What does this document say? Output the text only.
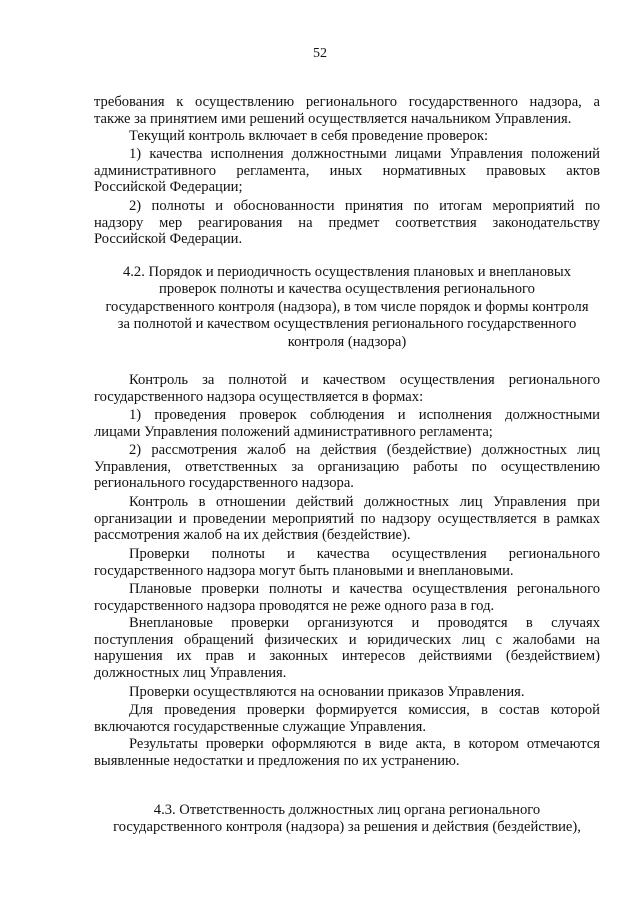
52

требования к осуществлению регионального государственного надзора, а

также за принятием ими решений осуществляется начальником Управления.

Текущий контроль включает в себя проведение проверок:

1) качества исполнения должностными лицами Управления положений

административного регламента, иных нормативных правовых актов

Российской Федерации;

2) полноты и обоснованности принятия по итогам мероприятий по

надзору мер реагирования на предмет соответствия законодательству

Российской Федерации.

4.2. Порядок и периодичность осуществления плановых и внеплановых

проверок полноты и качества осуществления регионального

государственного контроля (надзора), в том числе порядок и формы контроля

за полнотой и качеством осуществления регионального государственного

контроля (надзора)

Контроль за полнотой и качеством осуществления регионального

государственного надзора осуществляется в формах:

1) проведения проверок соблюдения и исполнения должностными

лицами Управления положений административного регламента;

2) рассмотрения жалоб на действия (бездействие) должностных лиц

Управления, ответственных за организацию работы по осуществлению

регионального государственного надзора.

Контроль в отношении действий должностных лиц Управления при

организации и проведении мероприятий по надзору осуществляется в рамках

рассмотрения жалоб на их действия (бездействие).

Проверки полноты и качества осуществления регионального

государственного надзора могут быть плановыми и внеплановыми.

Плановые проверки полноты и качества осуществления регонального

государственного надзора проводятся не реже одного раза в год.

Внеплановые проверки организуются и проводятся в случаях

поступления обращений физических и юридических лиц с жалобами на

нарушения их прав и законных интересов действиями (бездействием)

должностных лиц Управления.

Проверки осуществляются на основании приказов Управления.

Для проведения проверки формируется комиссия, в состав которой

включаются государственные служащие Управления.

Результаты проверки оформляются в виде акта, в котором отмечаются

выявленные недостатки и предложения по их устранению.

4.3. Ответственность должностных лиц органа регионального

государственного контроля (надзора) за решения и действия (бездействие),
